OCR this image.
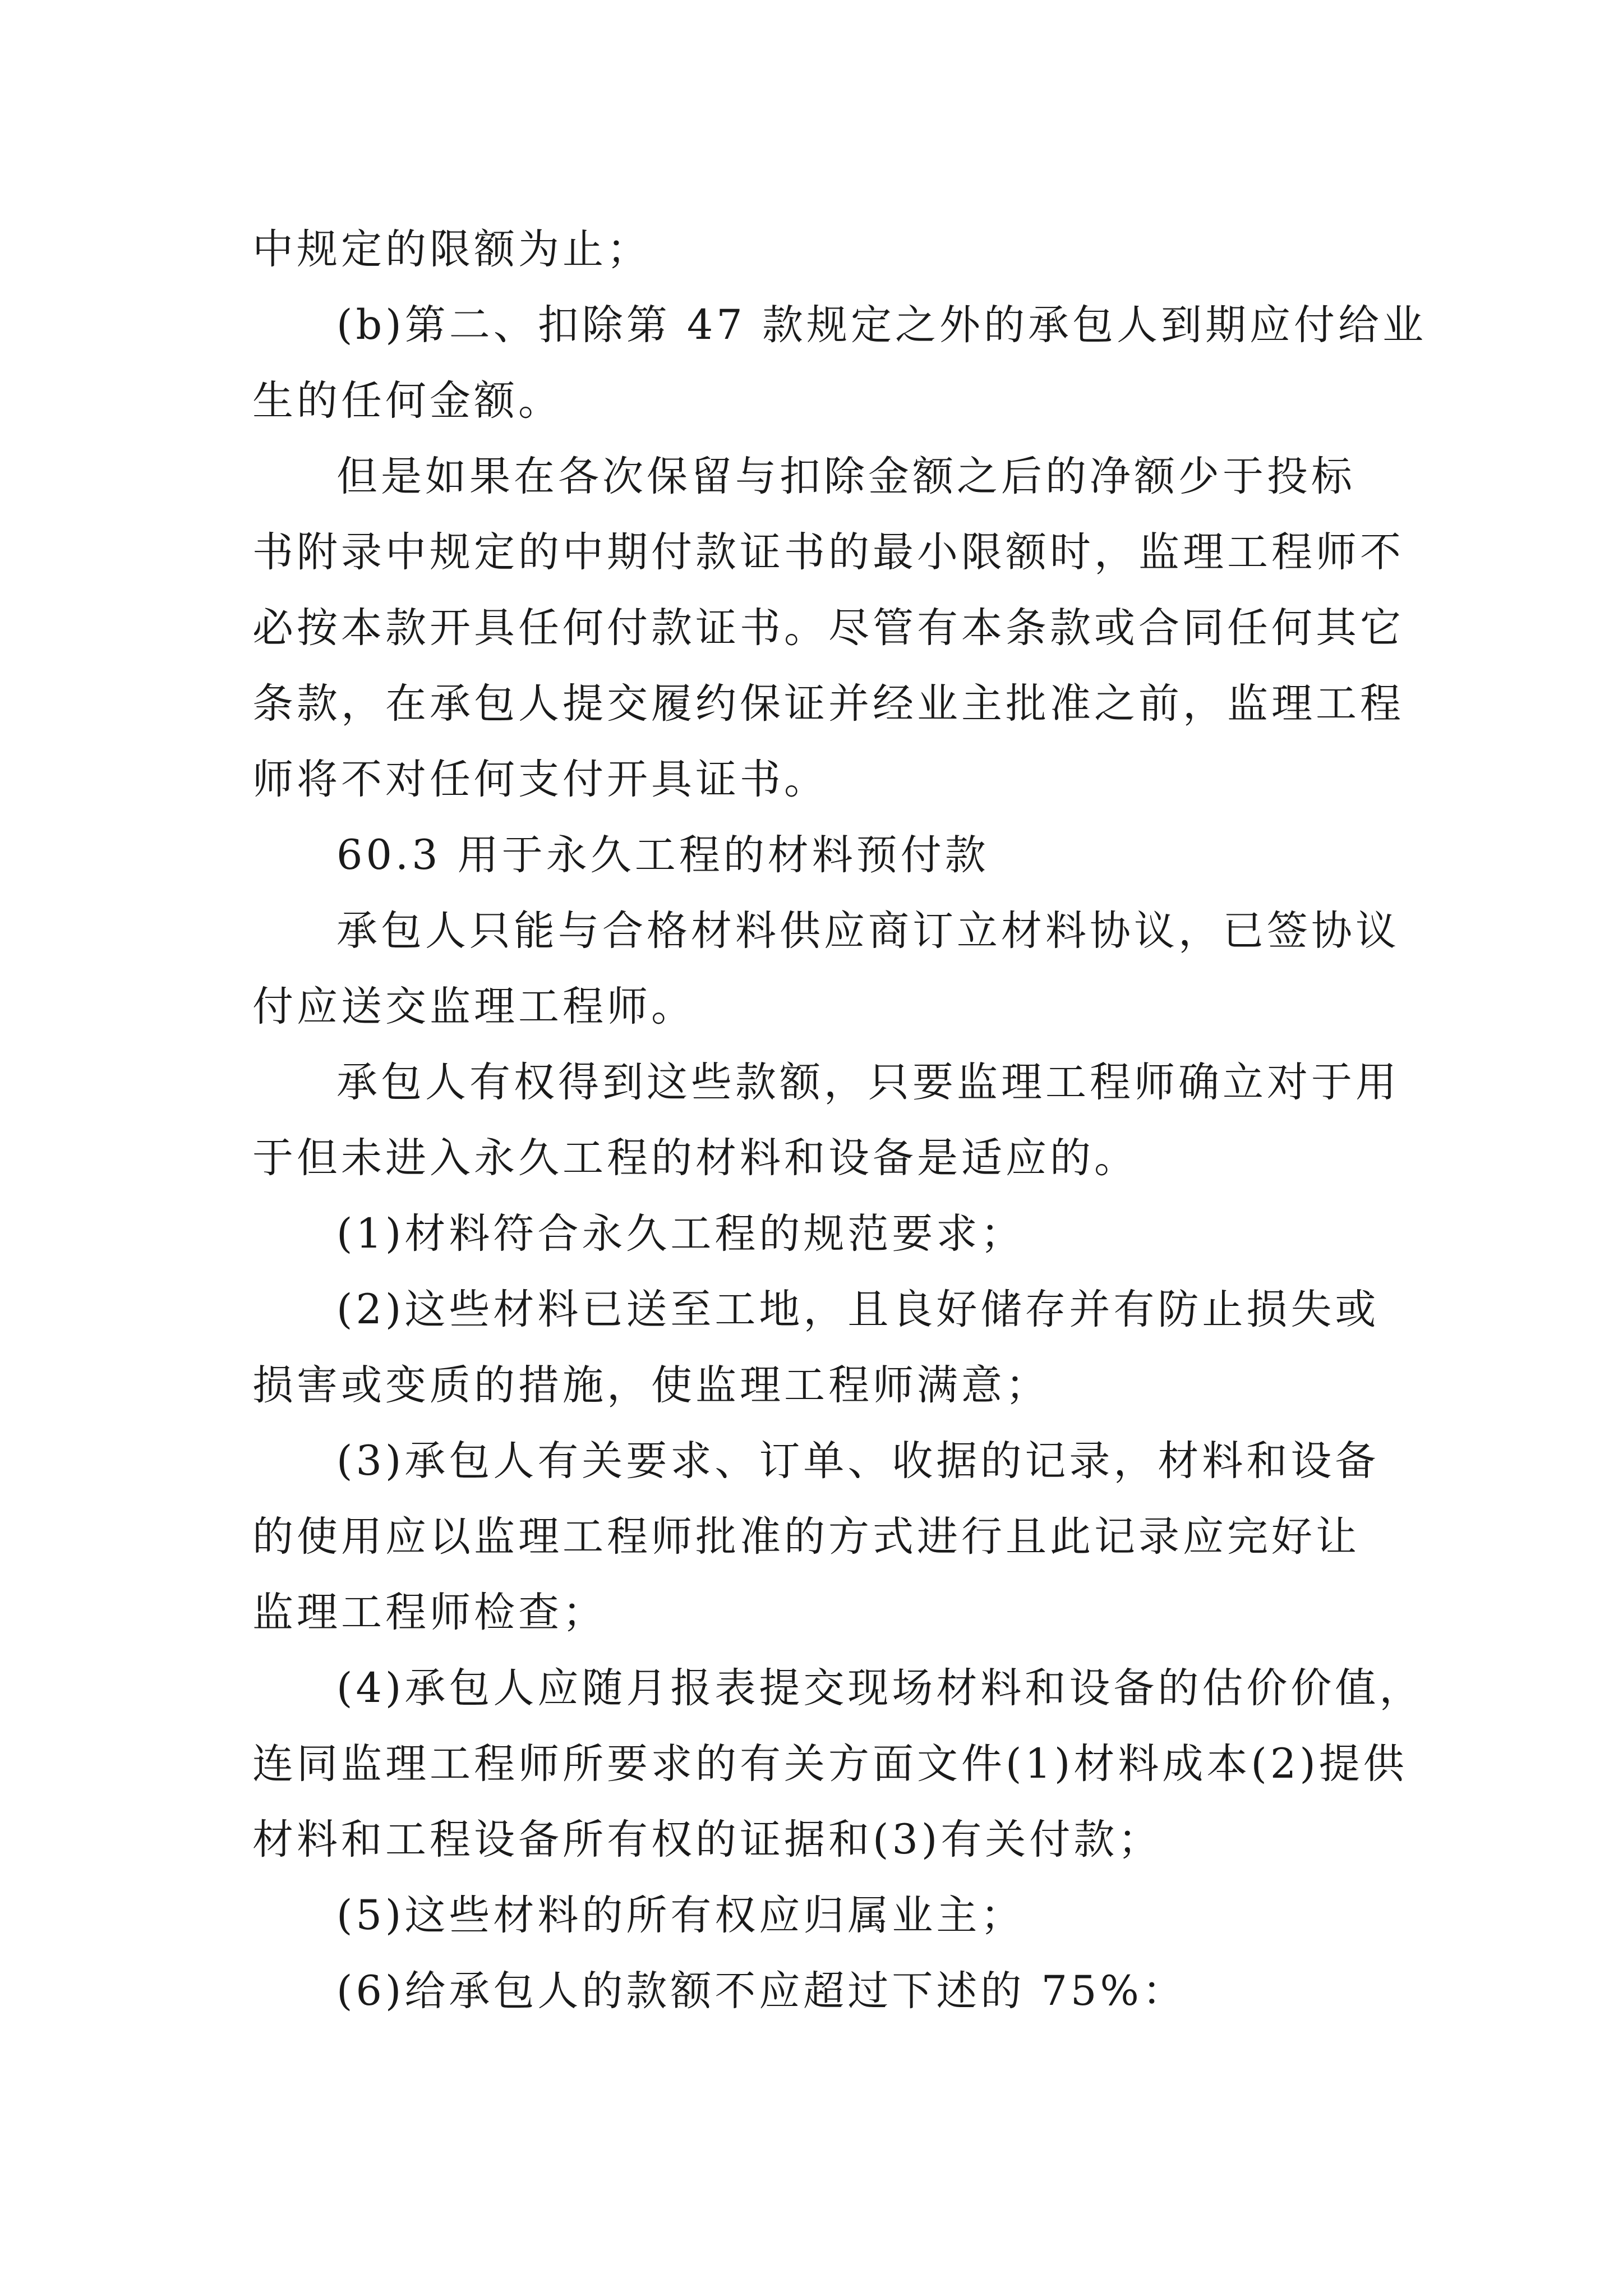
中规定的限额为止；
(b)第二、扣除第 47 款规定之外的承包人到期应付给业
生的任何金额。
但是如果在各次保留与扣除金额之后的净额少于投标
书附录中规定的中期付款证书的最小限额时，监理工程师不
必按本款开具任何付款证书。尽管有本条款或合同任何其它
条款，在承包人提交履约保证并经业主批准之前，监理工程
师将不对任何支付开具证书。
60.3 用于永久工程的材料预付款
承包人只能与合格材料供应商订立材料协议，已签协议
付应送交监理工程师。
承包人有权得到这些款额，只要监理工程师确立对于用
于但未进入永久工程的材料和设备是适应的。
(1)材料符合永久工程的规范要求；
(2)这些材料已送至工地，且良好储存并有防止损失或
损害或变质的措施，使监理工程师满意；
(3)承包人有关要求、订单、收据的记录，材料和设备
的使用应以监理工程师批准的方式进行且此记录应完好让
监理工程师检查；
(4)承包人应随月报表提交现场材料和设备的估价价值，
连同监理工程师所要求的有关方面文件(1)材料成本(2)提供
材料和工程设备所有权的证据和(3)有关付款；
(5)这些材料的所有权应归属业主；
(6)给承包人的款额不应超过下述的 75%：
